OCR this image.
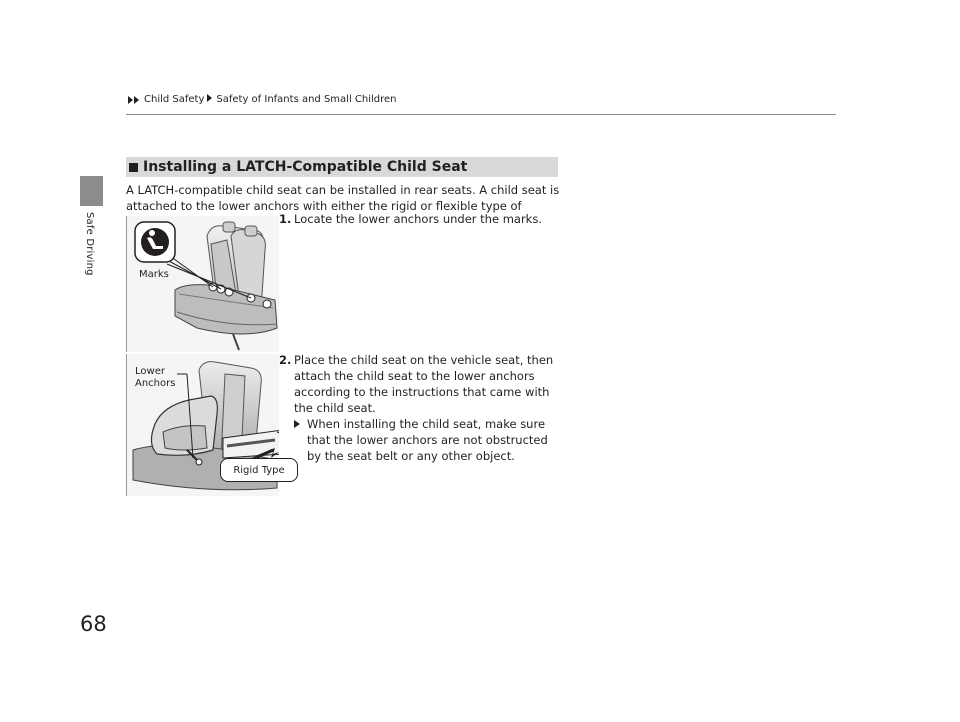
Safe Driving
68
Child Safety Safety of Infants and Small Children
Installing a LATCH-Compatible Child Seat

A LATCH-compatible child seat can be installed in rear seats. A child seat is attached to the lower anchors with either the rigid or flexible type of

1. Locate the lower anchors under the marks.
2. Place the child seat on the vehicle seat, then attach the child seat to the lower anchors according to the instructions that came with the child seat.
When installing the child seat, make sure that the lower anchors are not obstructed by the seat belt or any other object.
Marks
Lower
Anchors
Rigid Type
